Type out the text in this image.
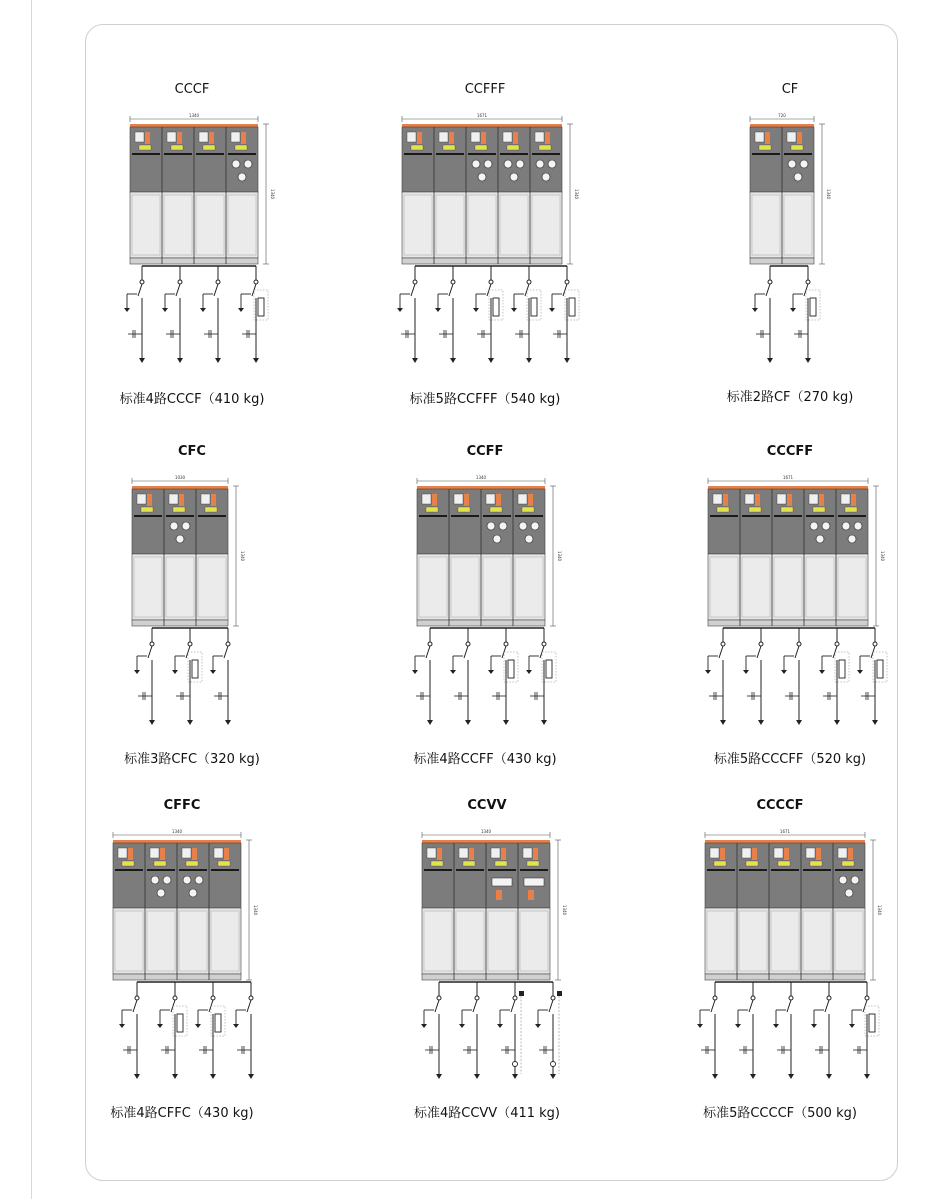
CCCF
1340
1340
标准4路CCCF（410 kg)
CCFFF
1671
1340
标准5路CCFFF（540 kg)
CF
720
1340
标准2路CF（270 kg)
CFC
1030
1340
标准3路CFC（320 kg)
CCFF
1340
1340
标准4路CCFF（430 kg)
CCCFF
1671
1340
标准5路CCCFF（520 kg)
CFFC
1340
1340
标准4路CFFC（430 kg)
CCVV
1340
1340
标准4路CCVV（411 kg)
CCCCF
1671
1340
标准5路CCCCF（500 kg)
